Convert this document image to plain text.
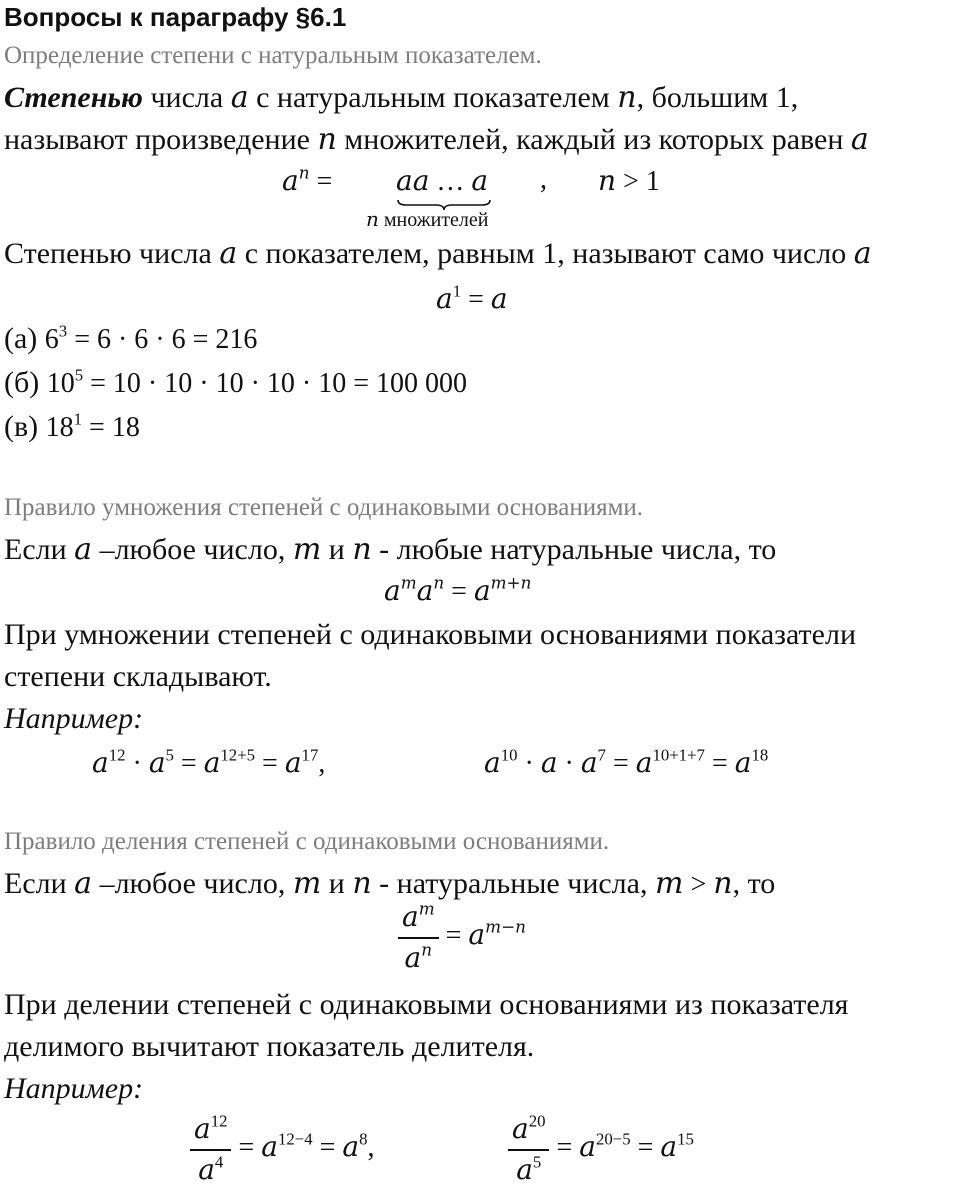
Вопросы к параграфу §6.1
Определение степени с натуральным показателем.
Степенью числа a с натуральным показателем n, большим 1,
называют произведение n множителей, каждый из которых равен a
$a^n$ = aa … a
n множителей
, n > 1
Степенью числа a с показателем, равным 1, называют само число a
$a^1 = a$
(а) $6^3 = 6 \cdot 6 \cdot 6 = 216$
(б) $10^5 = 10 \cdot 10 \cdot 10 \cdot 10 \cdot 10 = 100$ 000
(в) $18^1 = 18$
Правило умножения степеней с одинаковыми основаниями.
Если a –любое число, m и n - любые натуральные числа, то
$a^ma^n = a^{m+n}$
При умножении степеней с одинаковыми основаниями показатели
степени складывают.
Например:
$a^{12} \cdot a^5 = a^{12+5} = a^{17}$,	$a^{10} \cdot a \cdot a^7 = a^{10+1+7} = a^{18}$
Правило деления степеней с одинаковыми основаниями.
Если a –любое число, m и n - натуральные числа, m > n, то
$\frac{a^m}{a^n} = a^{m-n}$
При делении степеней с одинаковыми основаниями из показателя
делимого вычитают показатель делителя.
Например:
$\frac{a^{12}}{a^4} = a^{12-4} = a^8$,	$\frac{a^{20}}{a^5} = a^{20-5} = a^{15}$
